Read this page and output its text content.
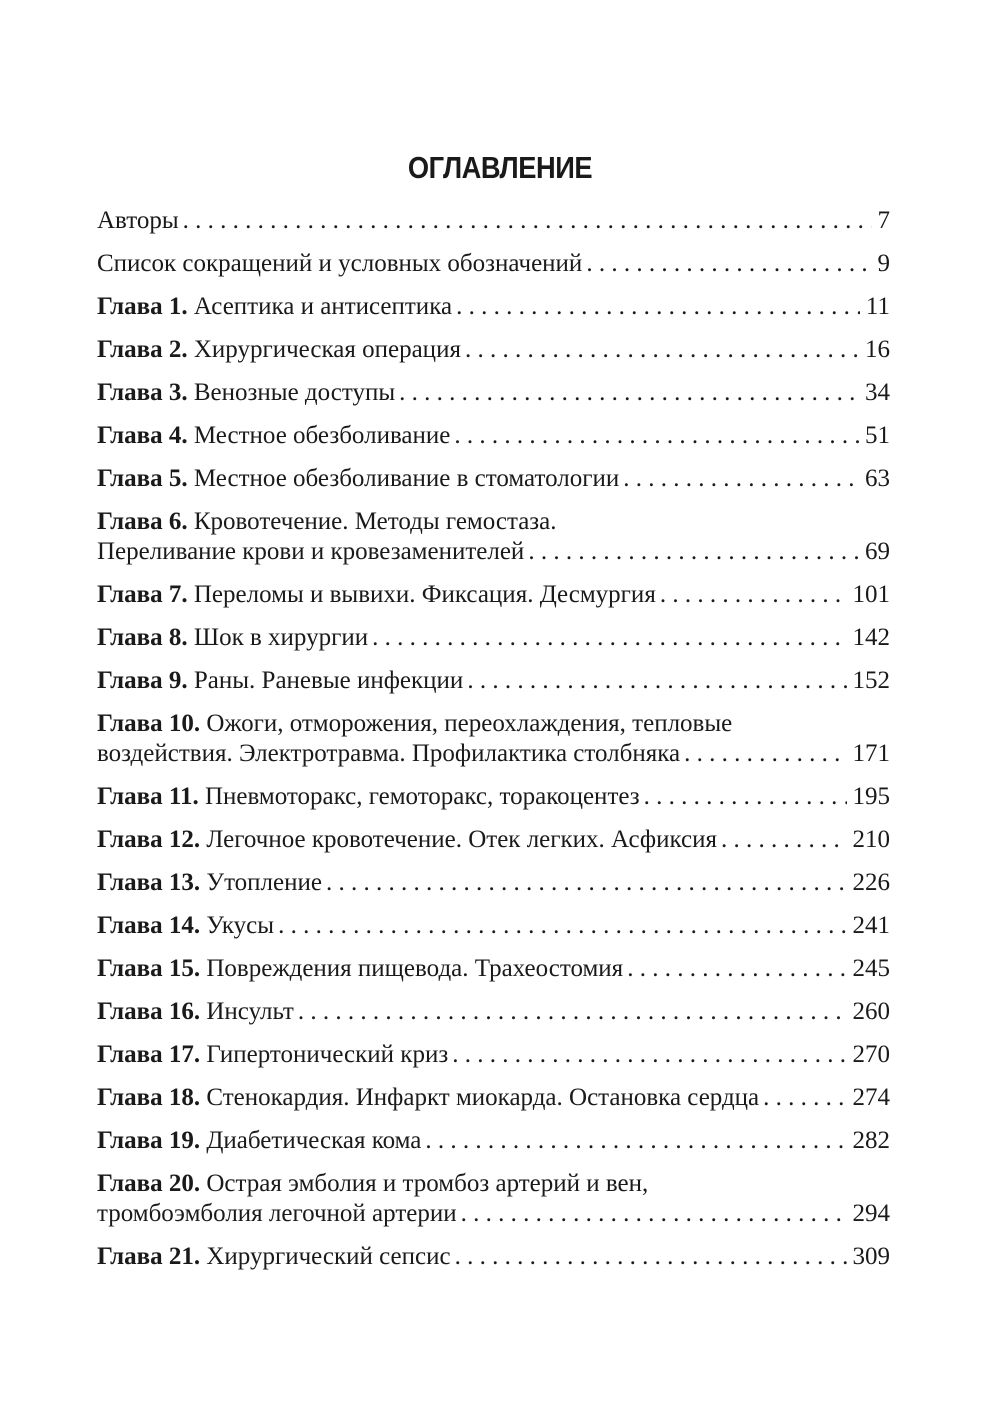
ОГЛАВЛЕНИЕ
Авторы . . .	7
Список сокращений и условных обозначений . . .	9
Глава 1. Асептика и антисептика . . .	11
Глава 2. Хирургическая операция . . .	16
Глава 3. Венозные доступы . . .	34
Глава 4. Местное обезболивание . . .	51
Глава 5. Местное обезболивание в стоматологии . . .	63
Глава 6. Кровотечение. Методы гемостаза.
Переливание крови и кровезаменителей . . .	69
Глава 7. Переломы и вывихи. Фиксация. Десмургия . . .	101
Глава 8. Шок в хирургии . . .	142
Глава 9. Раны. Раневые инфекции . . .	152
Глава 10. Ожоги, отморожения, переохлаждения, тепловые
воздействия. Электротравма. Профилактика столбняка . . .	171
Глава 11. Пневмоторакс, гемоторакс, торакоцентез . . .	195
Глава 12. Легочное кровотечение. Отек легких. Асфиксия . . .	210
Глава 13. Утопление . . .	226
Глава 14. Укусы . . .	241
Глава 15. Повреждения пищевода. Трахеостомия . . .	245
Глава 16. Инсульт . . .	260
Глава 17. Гипертонический криз . . .	270
Глава 18. Стенокардия. Инфаркт миокарда. Остановка сердца . . .	274
Глава 19. Диабетическая кома . . .	282
Глава 20. Острая эмболия и тромбоз артерий и вен,
тромбоэмболия легочной артерии . . .	294
Глава 21. Хирургический сепсис . . .	309
